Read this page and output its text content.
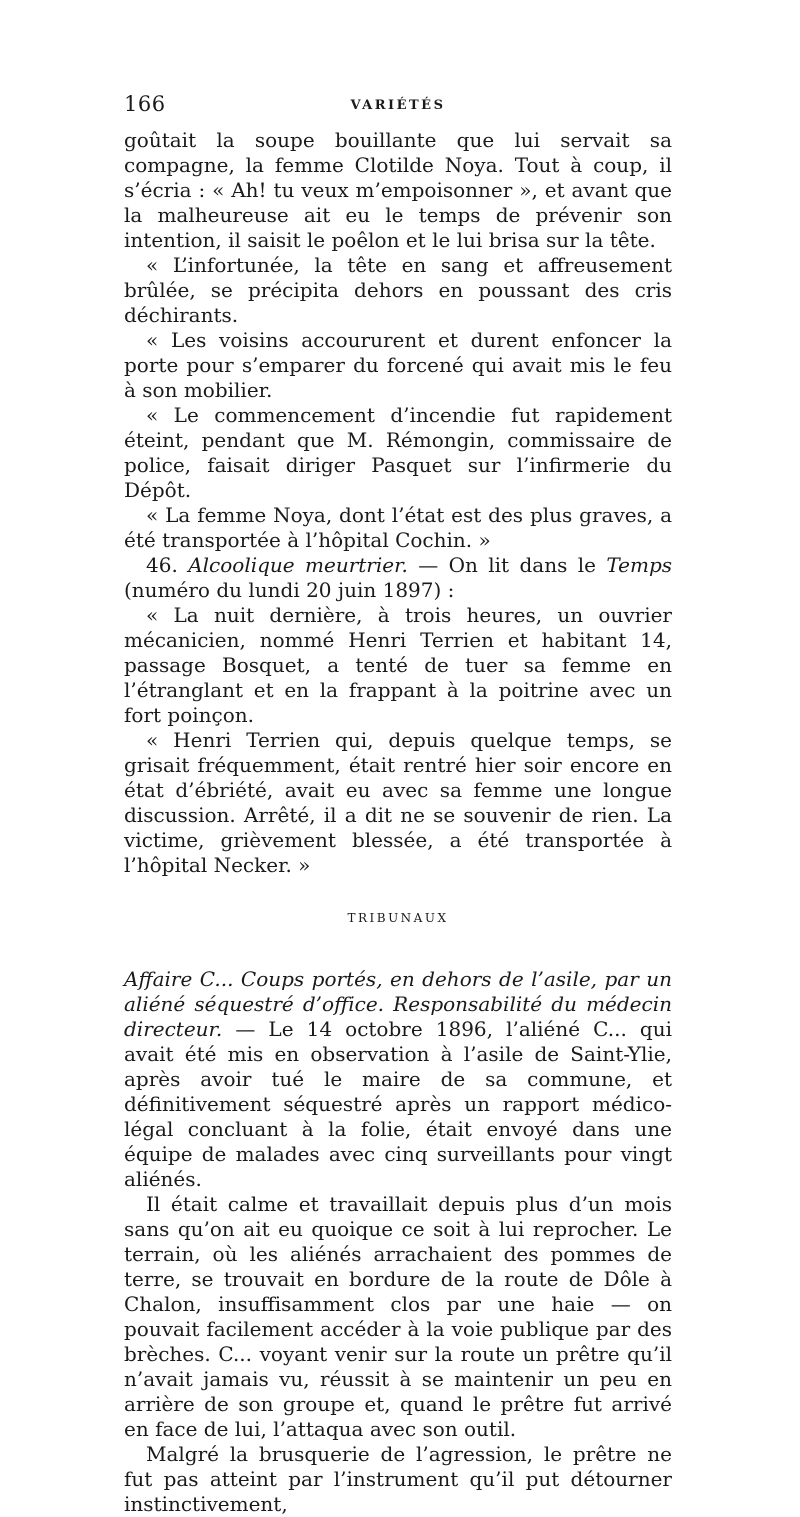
166	VARIÉTÉS

goûtait la soupe bouillante que lui servait sa compagne, la femme Clotilde Noya. Tout à coup, il s’écria : « Ah! tu veux m’empoisonner », et avant que la malheureuse ait eu le temps de prévenir son intention, il saisit le poêlon et le lui brisa sur la tête.

« L’infortunée, la tête en sang et affreusement brûlée, se précipita dehors en poussant des cris déchirants.

« Les voisins accoururent et durent enfoncer la porte pour s’emparer du forcené qui avait mis le feu à son mobilier.

« Le commencement d’incendie fut rapidement éteint, pendant que M. Rémongin, commissaire de police, faisait diriger Pasquet sur l’infirmerie du Dépôt.

« La femme Noya, dont l’état est des plus graves, a été transportée à l’hôpital Cochin. »

46. Alcoolique meurtrier. — On lit dans le Temps (numéro du lundi 20 juin 1897) :

« La nuit dernière, à trois heures, un ouvrier mécanicien, nommé Henri Terrien et habitant 14, passage Bosquet, a tenté de tuer sa femme en l’étranglant et en la frappant à la poitrine avec un fort poinçon.

« Henri Terrien qui, depuis quelque temps, se grisait fréquemment, était rentré hier soir encore en état d’ébriété, avait eu avec sa femme une longue discussion. Arrêté, il a dit ne se souvenir de rien. La victime, grièvement blessée, a été transportée à l’hôpital Necker. »

TRIBUNAUX

Affaire C... Coups portés, en dehors de l’asile, par un aliéné séquestré d’office. Responsabilité du médecin directeur. — Le 14 octobre 1896, l’aliéné C... qui avait été mis en observation à l’asile de Saint-Ylie, après avoir tué le maire de sa commune, et définitivement séquestré après un rapport médico-légal concluant à la folie, était envoyé dans une équipe de malades avec cinq surveillants pour vingt aliénés.

Il était calme et travaillait depuis plus d’un mois sans qu’on ait eu quoique ce soit à lui reprocher. Le terrain, où les aliénés arrachaient des pommes de terre, se trouvait en bordure de la route de Dôle à Chalon, insuffisamment clos par une haie — on pouvait facilement accéder à la voie publique par des brèches. C... voyant venir sur la route un prêtre qu’il n’avait jamais vu, réussit à se maintenir un peu en arrière de son groupe et, quand le prêtre fut arrivé en face de lui, l’attaqua avec son outil.

Malgré la brusquerie de l’agression, le prêtre ne fut pas atteint par l’instrument qu’il put détourner instinctivement,
